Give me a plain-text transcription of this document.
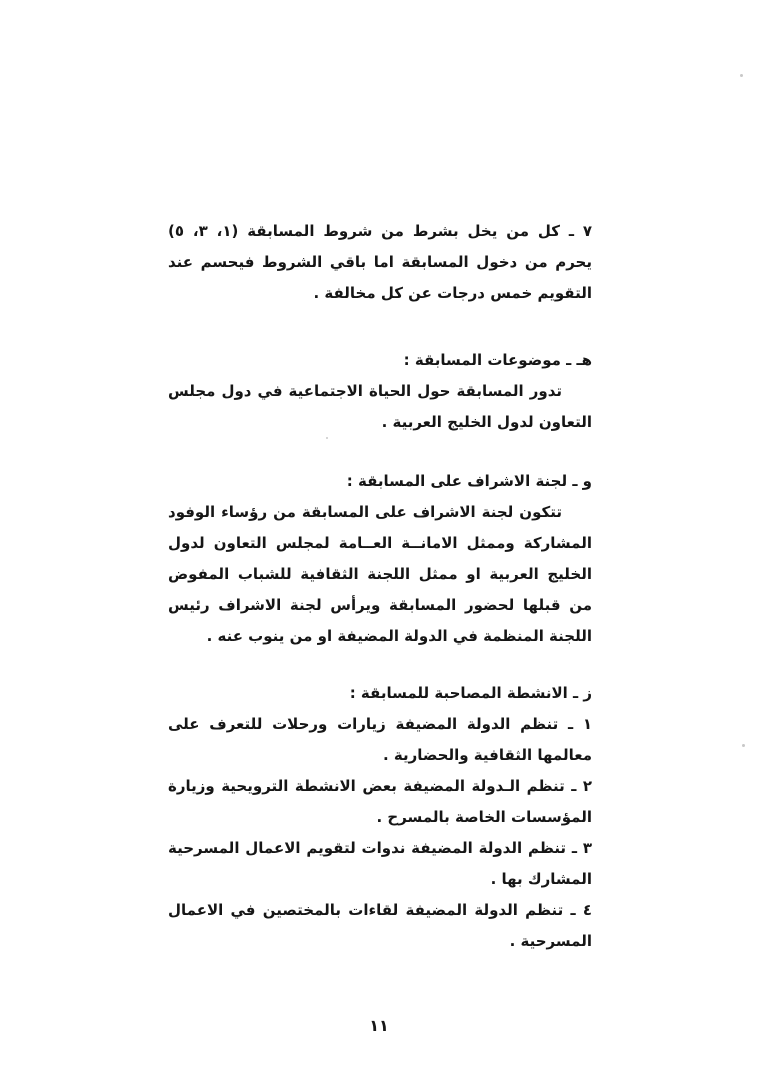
٧ ـ كل من يخل بشرط من شروط المسابقة (١، ٣، ٥) يحرم من دخول المسابقة اما باقي الشروط فيحسم عند التقويم خمس درجات عن كل مخالفة .

هـ ـ موضوعات المسابقة :

تدور المسابقة حول الحياة الاجتماعية في دول مجلس التعاون لدول الخليج العربية .

و ـ لجنة الاشراف على المسابقة :

تتكون لجنة الاشراف على المسابقة من رؤساء الوفود المشاركة وممثل الامانــة العــامة لمجلس التعاون لدول الخليج العربية او ممثل اللجنة الثقافية للشباب المفوض من قبلها لحضور المسابقة ويرأس لجنة الاشراف رئيس اللجنة المنظمة في الدولة المضيفة او من ينوب عنه .

ز ـ الانشطة المصاحبة للمسابقة :

١ ـ تنظم الدولة المضيفة زيارات ورحلات للتعرف على معالمها الثقافية والحضارية .

٢ ـ تنظم الـدولة المضيفة بعض الانشطة الترويحية وزيارة المؤسسات الخاصة بالمسرح .

٣ ـ تنظم الدولة المضيفة ندوات لتقويم الاعمال المسرحية المشارك بها .

٤ ـ تنظم الدولة المضيفة لقاءات بالمختصين في الاعمال المسرحية .

١١
